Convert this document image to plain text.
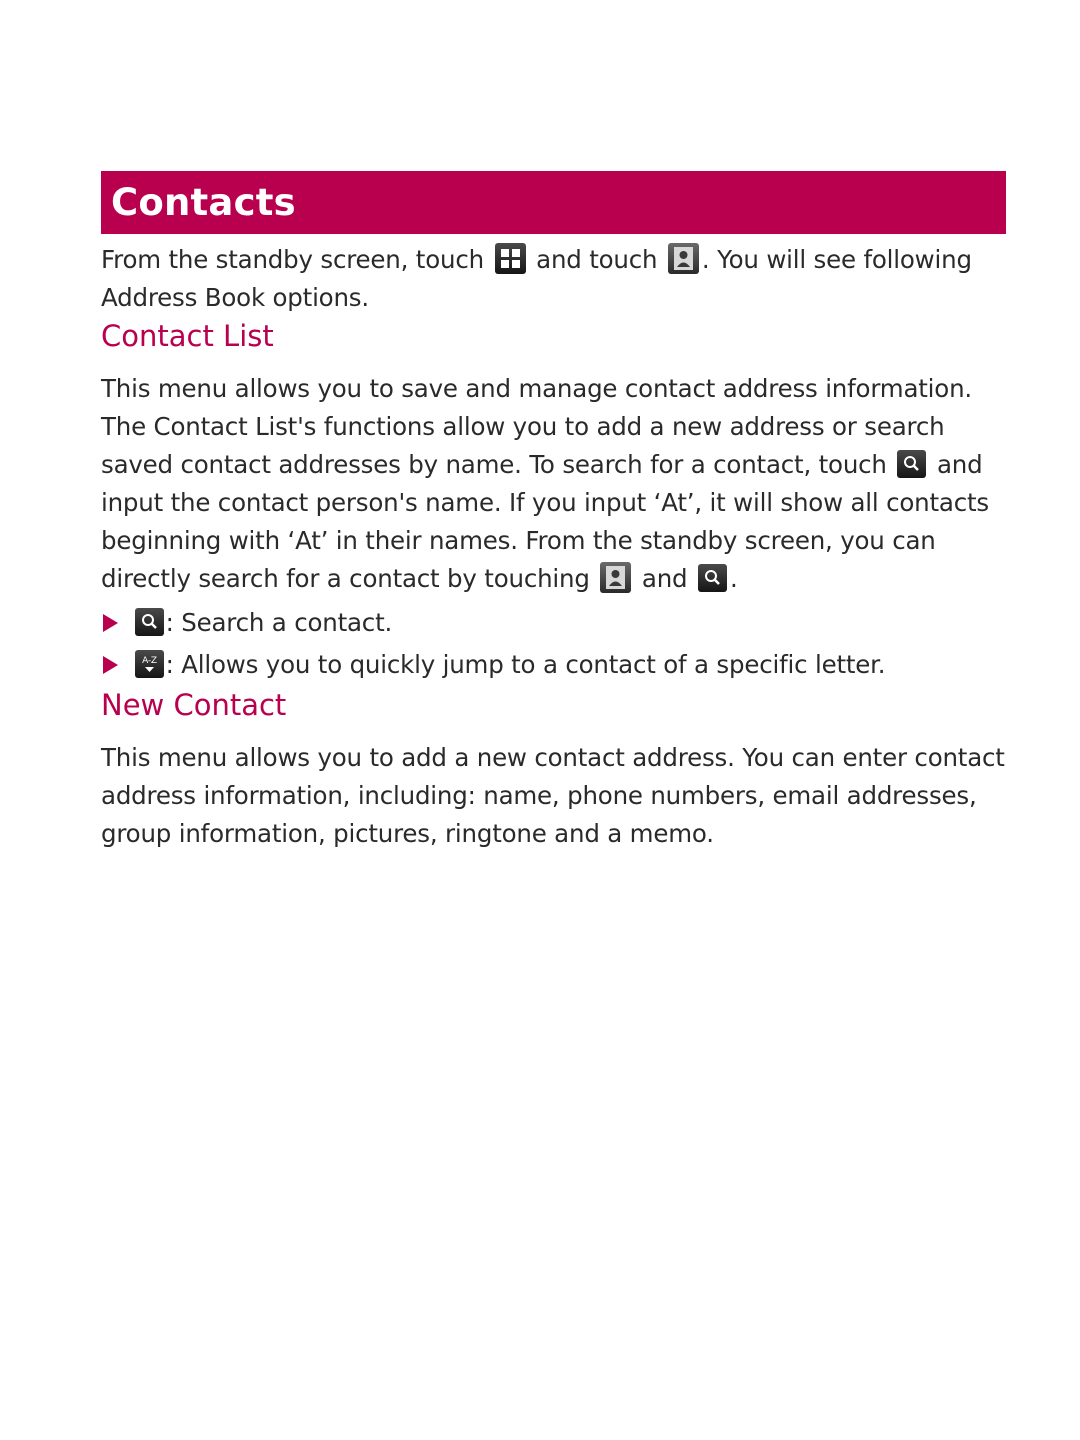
Contacts

From the standby screen, touch and touch . You will see following Address Book options.

Contact List

This menu allows you to save and manage contact address information. The Contact List's functions allow you to add a new address or search saved contact addresses by name. To search for a contact, touch and input the contact person's name. If you input ‘At’, it will show all contacts beginning with ‘At’ in their names. From the standby screen, you can directly search for a contact by touching and .

: Search a contact.

A-Z : Allows you to quickly jump to a contact of a specific letter.
New Contact

This menu allows you to add a new contact address. You can enter contact address information, including: name, phone numbers, email addresses, group information, pictures, ringtone and a memo.
